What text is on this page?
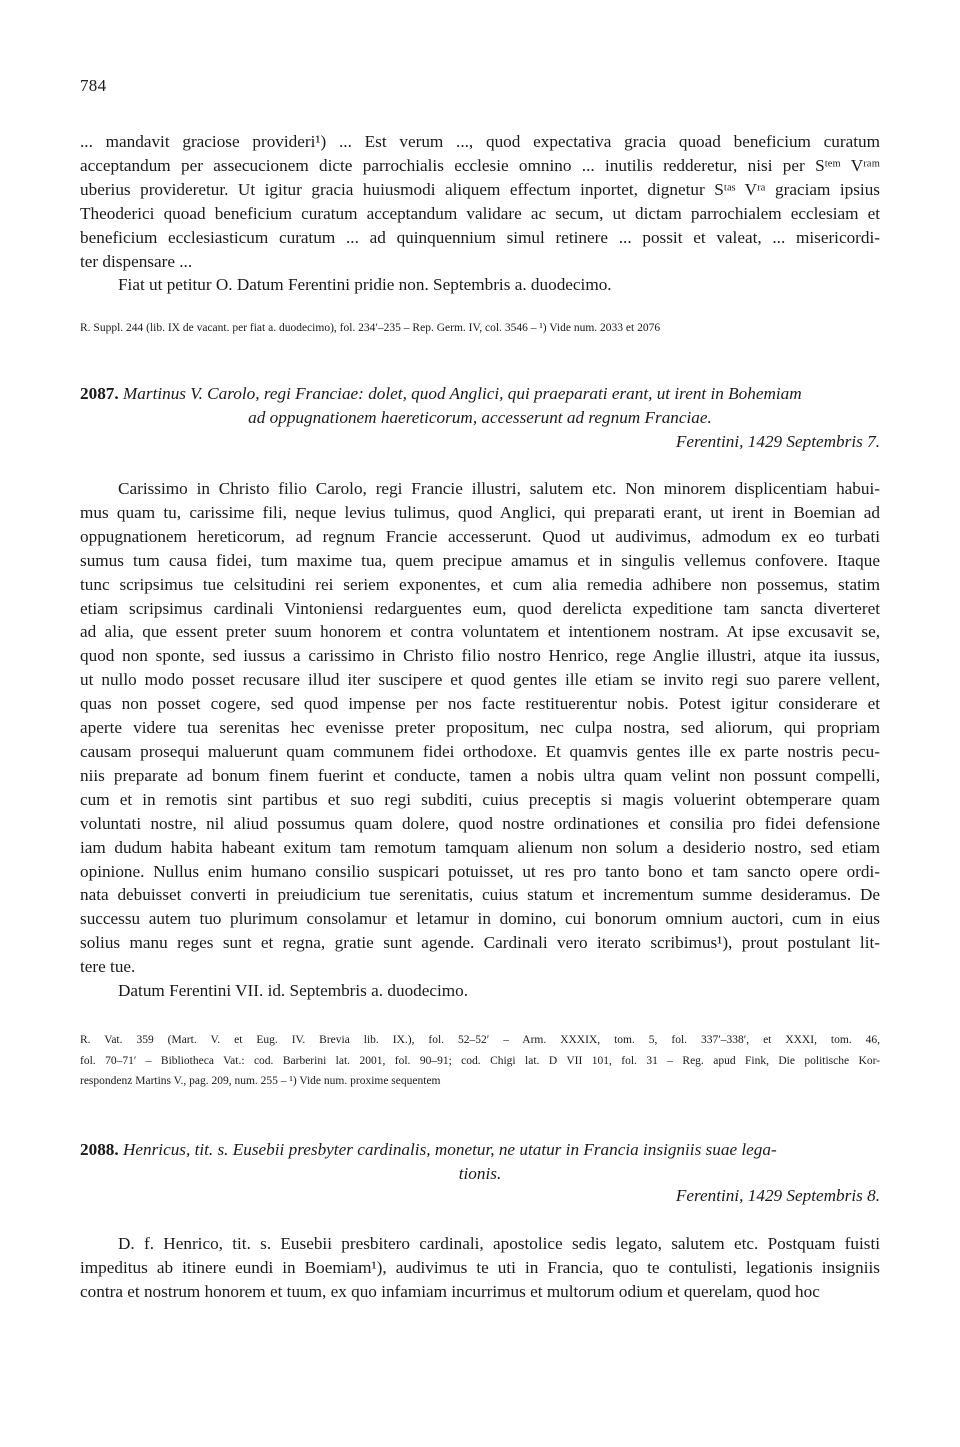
784
... mandavit graciose provideri¹) ... Est verum ..., quod expectativa gracia quoad beneficium curatum
acceptandum per assecucionem dicte parrochialis ecclesie omnino ... inutilis redderetur, nisi per Sᵗᵉᵐ Vʳᵃᵐ
uberius provideretur. Ut igitur gracia huiusmodi aliquem effectum inportet, dignetur Sᵗᵃˢ Vʳᵃ graciam ipsius
Theoderici quoad beneficium curatum acceptandum validare ac secum, ut dictam parrochialem ecclesiam et
beneficium ecclesiasticum curatum ... ad quinquennium simul retinere ... possit et valeat, ... misericordi-
ter dispensare ...
Fiat ut petitur O. Datum Ferentini pridie non. Septembris a. duodecimo.

R. Suppl. 244 (lib. IX de vacant. per fiat a. duodecimo), fol. 234′–235 – Rep. Germ. IV, col. 3546 – ¹) Vide num. 2033 et 2076

2087. Martinus V. Carolo, regi Franciae: dolet, quod Anglici, qui praeparati erant, ut irent in Bohemiam
ad oppugnationem haereticorum, accesserunt ad regnum Franciae.
Ferentini, 1429 Septembris 7.
Carissimo in Christo filio Carolo, regi Francie illustri, salutem etc. Non minorem displicentiam habui-
mus quam tu, carissime fili, neque levius tulimus, quod Anglici, qui preparati erant, ut irent in Boemian ad
oppugnationem hereticorum, ad regnum Francie accesserunt. Quod ut audivimus, admodum ex eo turbati
sumus tum causa fidei, tum maxime tua, quem precipue amamus et in singulis vellemus confovere. Itaque
tunc scripsimus tue celsitudini rei seriem exponentes, et cum alia remedia adhibere non possemus, statim
etiam scripsimus cardinali Vintoniensi redarguentes eum, quod derelicta expeditione tam sancta diverteret
ad alia, que essent preter suum honorem et contra voluntatem et intentionem nostram. At ipse excusavit se,
quod non sponte, sed iussus a carissimo in Christo filio nostro Henrico, rege Anglie illustri, atque ita iussus,
ut nullo modo posset recusare illud iter suscipere et quod gentes ille etiam se invito regi suo parere vellent,
quas non posset cogere, sed quod impense per nos facte restituerentur nobis. Potest igitur considerare et
aperte videre tua serenitas hec evenisse preter propositum, nec culpa nostra, sed aliorum, qui propriam
causam prosequi maluerunt quam communem fidei orthodoxe. Et quamvis gentes ille ex parte nostris pecu-
niis preparate ad bonum finem fuerint et conducte, tamen a nobis ultra quam velint non possunt compelli,
cum et in remotis sint partibus et suo regi subditi, cuius preceptis si magis voluerint obtemperare quam
voluntati nostre, nil aliud possumus quam dolere, quod nostre ordinationes et consilia pro fidei defensione
iam dudum habita habeant exitum tam remotum tamquam alienum non solum a desiderio nostro, sed etiam
opinione. Nullus enim humano consilio suspicari potuisset, ut res pro tanto bono et tam sancto opere ordi-
nata debuisset converti in preiudicium tue serenitatis, cuius statum et incrementum summe desideramus. De
successu autem tuo plurimum consolamur et letamur in domino, cui bonorum omnium auctori, cum in eius
solius manu reges sunt et regna, gratie sunt agende. Cardinali vero iterato scribimus¹), prout postulant lit-
tere tue.
Datum Ferentini VII. id. Septembris a. duodecimo.
R. Vat. 359 (Mart. V. et Eug. IV. Brevia lib. IX.), fol. 52–52′ – Arm. XXXIX, tom. 5, fol. 337′–338′, et XXXI, tom. 46,
fol. 70–71′ – Bibliotheca Vat.: cod. Barberini lat. 2001, fol. 90–91; cod. Chigi lat. D VII 101, fol. 31 – Reg. apud Fink, Die politische Kor-
respondenz Martins V., pag. 209, num. 255 – ¹) Vide num. proxime sequentem
2088. Henricus, tit. s. Eusebii presbyter cardinalis, monetur, ne utatur in Francia insigniis suae lega-
tionis.
Ferentini, 1429 Septembris 8.
D. f. Henrico, tit. s. Eusebii presbitero cardinali, apostolice sedis legato, salutem etc. Postquam fuisti
impeditus ab itinere eundi in Boemiam¹), audivimus te uti in Francia, quo te contulisti, legationis insigniis
contra et nostrum honorem et tuum, ex quo infamiam incurrimus et multorum odium et querelam, quod hoc
